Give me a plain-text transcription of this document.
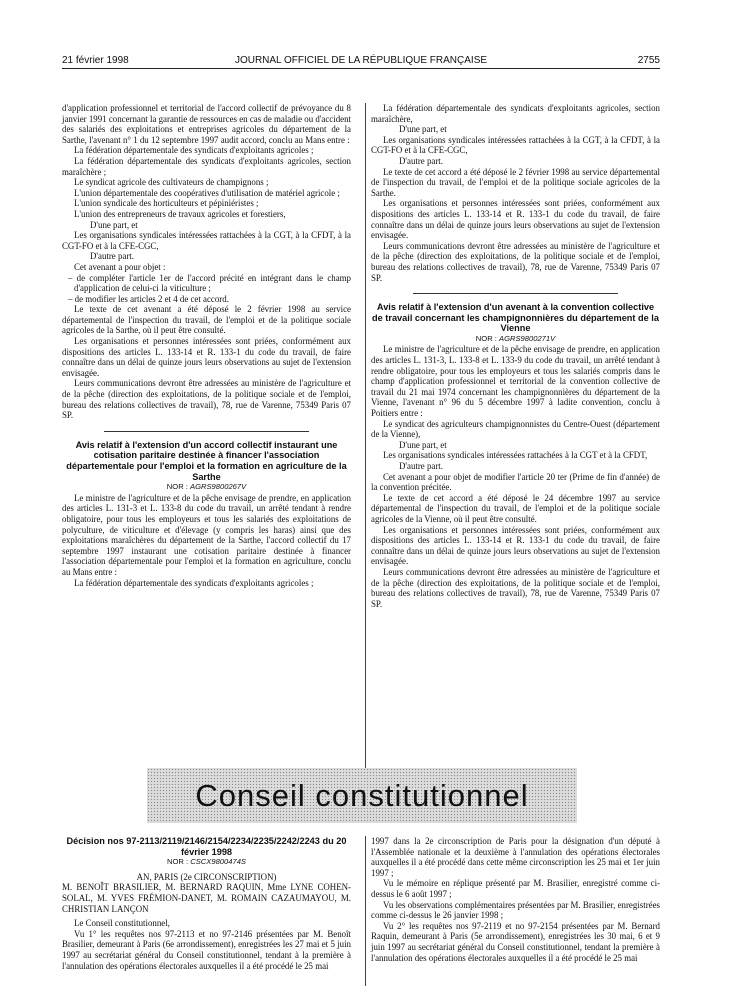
21 février 1998	JOURNAL OFFICIEL DE LA RÉPUBLIQUE FRANÇAISE	2755

d'application professionnel et territorial de l'accord collectif de prévoyance du 8 janvier 1991 concernant la garantie de ressources en cas de maladie ou d'accident des salariés des exploitations et entreprises agricoles du département de la Sarthe, l'avenant n° 1 du 12 septembre 1997 audit accord, conclu au Mans entre :

La fédération départementale des syndicats d'exploitants agricoles ;

La fédération départementale des syndicats d'exploitants agricoles, section maraîchère ;

Le syndicat agricole des cultivateurs de champignons ;

L'union départementale des coopératives d'utilisation de matériel agricole ;

L'union syndicale des horticulteurs et pépiniéristes ;

L'union des entrepreneurs de travaux agricoles et forestiers,

D'une part, et

Les organisations syndicales intéressées rattachées à la CGT, à la CFDT, à la CGT-FO et à la CFE-CGC,

D'autre part.

Cet avenant a pour objet :

– de compléter l'article 1er de l'accord précité en intégrant dans le champ d'application de celui-ci la viticulture ;

– de modifier les articles 2 et 4 de cet accord.

Le texte de cet avenant a été déposé le 2 février 1998 au service départemental de l'inspection du travail, de l'emploi et de la politique sociale agricoles de la Sarthe, où il peut être consulté.

Les organisations et personnes intéressées sont priées, conformément aux dispositions des articles L. 133-14 et R. 133-1 du code du travail, de faire connaître dans un délai de quinze jours leurs observations au sujet de l'extension envisagée.

Leurs communications devront être adressées au ministère de l'agriculture et de la pêche (direction des exploitations, de la politique sociale et de l'emploi, bureau des relations collectives de travail), 78, rue de Varenne, 75349 Paris 07 SP.

Avis relatif à l'extension d'un accord collectif instaurant une cotisation paritaire destinée à financer l'association départementale pour l'emploi et la formation en agriculture de la Sarthe

NOR : AGRS9800267V

Le ministre de l'agriculture et de la pêche envisage de prendre, en application des articles L. 131-3 et L. 133-8 du code du travail, un arrêté tendant à rendre obligatoire, pour tous les employeurs et tous les salariés des exploitations de polyculture, de viticulture et d'élevage (y compris les haras) ainsi que des exploitations maraîchères du département de la Sarthe, l'accord collectif du 17 septembre 1997 instaurant une cotisation paritaire destinée à financer l'association départementale pour l'emploi et la formation en agriculture, conclu au Mans entre :

La fédération départementale des syndicats d'exploitants agricoles ;

La fédération départementale des syndicats d'exploitants agricoles, section maraîchère,

D'une part, et

Les organisations syndicales intéressées rattachées à la CGT, à la CFDT, à la CGT-FO et à la CFE-CGC,

D'autre part.

Le texte de cet accord a été déposé le 2 février 1998 au service départemental de l'inspection du travail, de l'emploi et de la politique sociale agricoles de la Sarthe.

Les organisations et personnes intéressées sont priées, conformément aux dispositions des articles L. 133-14 et R. 133-1 du code du travail, de faire connaître dans un délai de quinze jours leurs observations au sujet de l'extension envisagée.

Leurs communications devront être adressées au ministère de l'agriculture et de la pêche (direction des exploitations, de la politique sociale et de l'emploi, bureau des relations collectives de travail), 78, rue de Varenne, 75349 Paris 07 SP.

Avis relatif à l'extension d'un avenant à la convention collective de travail concernant les champignonnières du département de la Vienne

NOR : AGRS9800271V

Le ministre de l'agriculture et de la pêche envisage de prendre, en application des articles L. 131-3, L. 133-8 et L. 133-9 du code du travail, un arrêté tendant à rendre obligatoire, pour tous les employeurs et tous les salariés compris dans le champ d'application professionnel et territorial de la convention collective de travail du 21 mai 1974 concernant les champignonnières du département de la Vienne, l'avenant n° 96 du 5 décembre 1997 à ladite convention, conclu à Poitiers entre :

Le syndicat des agriculteurs champignonnistes du Centre-Ouest (département de la Vienne),

D'une part, et

Les organisations syndicales intéressées rattachées à la CGT et à la CFDT,

D'autre part.

Cet avenant a pour objet de modifier l'article 20 ter (Prime de fin d'année) de la convention précitée.

Le texte de cet accord a été déposé le 24 décembre 1997 au service départemental de l'inspection du travail, de l'emploi et de la politique sociale agricoles de la Vienne, où il peut être consulté.

Les organisations et personnes intéressées sont priées, conformément aux dispositions des articles L. 133-14 et R. 133-1 du code du travail, de faire connaître dans un délai de quinze jours leurs observations au sujet de l'extension envisagée.

Leurs communications devront être adressées au ministère de l'agriculture et de la pêche (direction des exploitations, de la politique sociale et de l'emploi, bureau des relations collectives de travail), 78, rue de Varenne, 75349 Paris 07 SP.

Conseil constitutionnel

Décision nos 97-2113/2119/2146/2154/2234/2235/2242/2243 du 20 février 1998

NOR : CSCX9800474S

AN, PARIS (2e CIRCONSCRIPTION)

M. BENOÎT BRASILIER, M. BERNARD RAQUIN, Mme LYNE COHEN-SOLAL, M. YVES FRÉMION-DANET, M. ROMAIN CAZAUMAYOU, M. CHRISTIAN LANÇON

Le Conseil constitutionnel,

Vu 1° les requêtes nos 97-2113 et no 97-2146 présentées par M. Benoît Brasilier, demeurant à Paris (6e arrondissement), enregistrées les 27 mai et 5 juin 1997 au secrétariat général du Conseil constitutionnel, tendant à la première à l'annulation des opérations électorales auxquelles il a été procédé le 25 mai

1997 dans la 2e circonscription de Paris pour la désignation d'un député à l'Assemblée nationale et la deuxième à l'annulation des opérations électorales auxquelles il a été procédé dans cette même circonscription les 25 mai et 1er juin 1997 ;

Vu le mémoire en réplique présenté par M. Brasilier, enregistré comme ci-dessus le 6 août 1997 ;

Vu les observations complémentaires présentées par M. Brasilier, enregistrées comme ci-dessus le 26 janvier 1998 ;

Vu 2° les requêtes nos 97-2119 et no 97-2154 présentées par M. Bernard Raquin, demeurant à Paris (5e arrondissement), enregistrées les 30 mai, 6 et 9 juin 1997 au secrétariat général du Conseil constitutionnel, tendant la première à l'annulation des opérations électorales auxquelles il a été procédé le 25 mai
